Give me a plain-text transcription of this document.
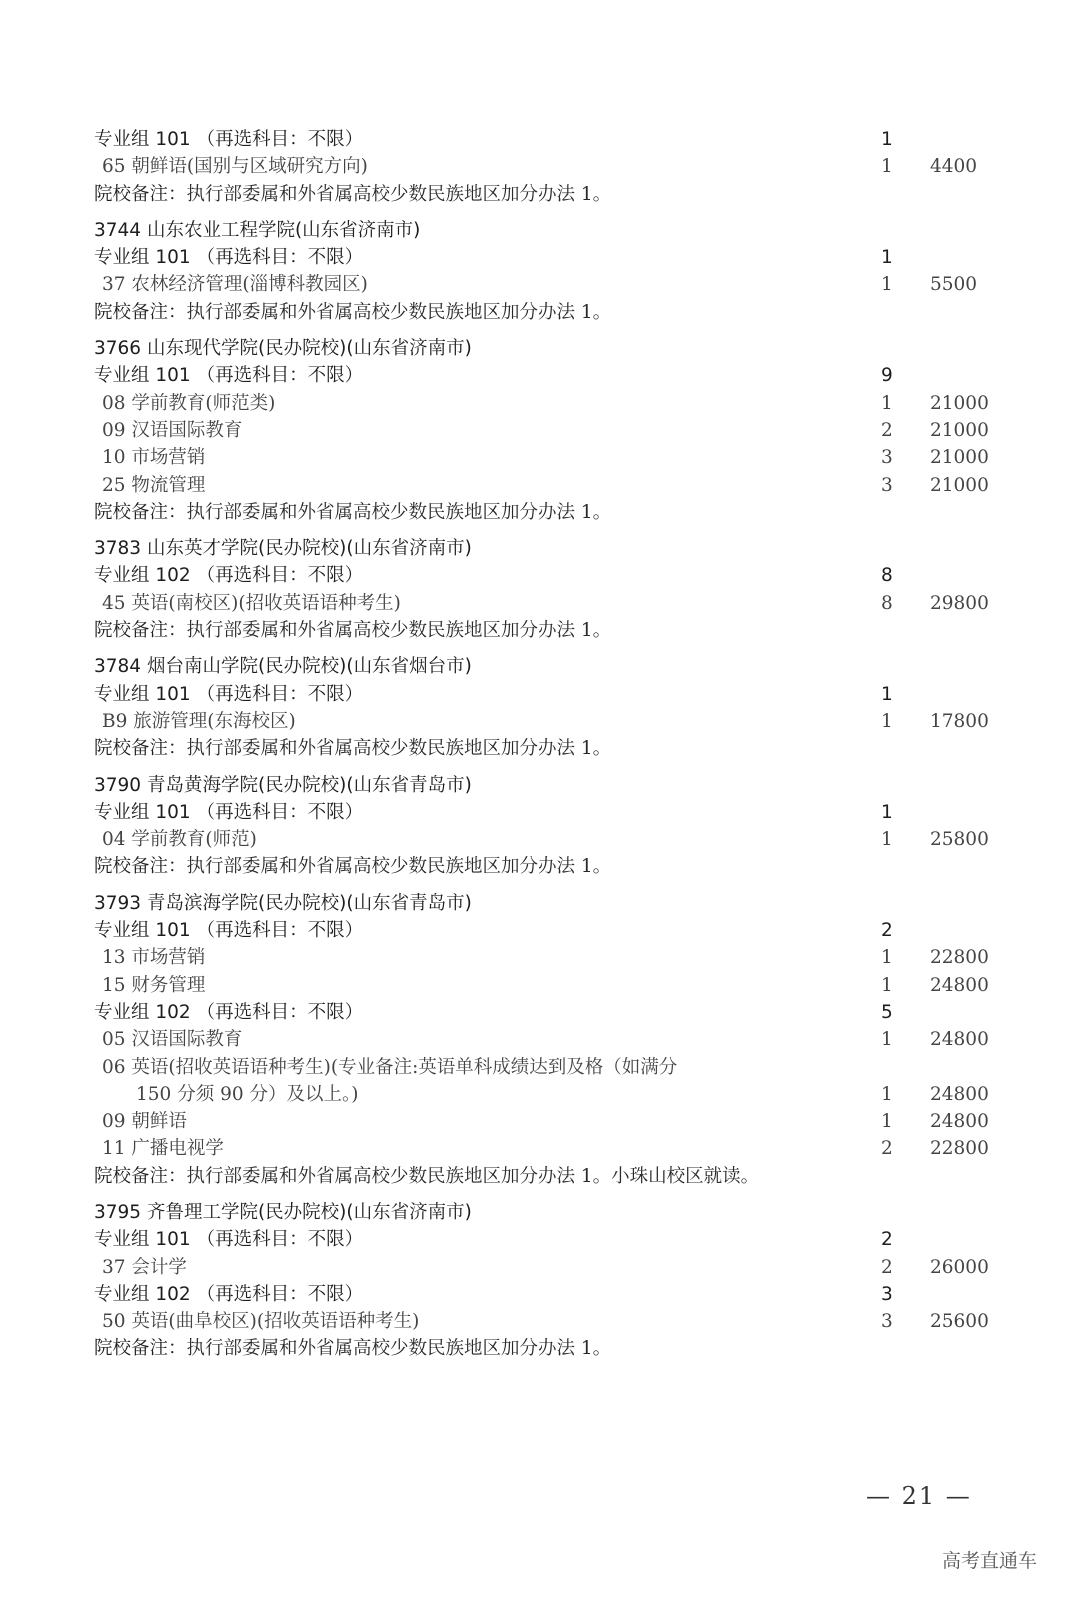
专业组 101 （再选科目：不限）	1
65 朝鲜语(国别与区域研究方向)	1 4400
院校备注：执行部委属和外省属高校少数民族地区加分办法 1。
3744 山东农业工程学院(山东省济南市)
专业组 101 （再选科目：不限）	1
37 农林经济管理(淄博科教园区)	1 5500
院校备注：执行部委属和外省属高校少数民族地区加分办法 1。
3766 山东现代学院(民办院校)(山东省济南市)
专业组 101 （再选科目：不限）	9
08 学前教育(师范类)	1 21000
09 汉语国际教育	2 21000
10 市场营销	3 21000
25 物流管理	3 21000
院校备注：执行部委属和外省属高校少数民族地区加分办法 1。
3783 山东英才学院(民办院校)(山东省济南市)
专业组 102 （再选科目：不限）	8
45 英语(南校区)(招收英语语种考生)	8 29800
院校备注：执行部委属和外省属高校少数民族地区加分办法 1。
3784 烟台南山学院(民办院校)(山东省烟台市)
专业组 101 （再选科目：不限）	1
B9 旅游管理(东海校区)	1 17800
院校备注：执行部委属和外省属高校少数民族地区加分办法 1。
3790 青岛黄海学院(民办院校)(山东省青岛市)
专业组 101 （再选科目：不限）	1
04 学前教育(师范)	1 25800
院校备注：执行部委属和外省属高校少数民族地区加分办法 1。
3793 青岛滨海学院(民办院校)(山东省青岛市)
专业组 101 （再选科目：不限）	2
13 市场营销	1 22800
15 财务管理	1 24800
专业组 102 （再选科目：不限）	5
05 汉语国际教育	1 24800
06 英语(招收英语语种考生)(专业备注:英语单科成绩达到及格（如满分
150 分须 90 分）及以上。)	1 24800
09 朝鲜语	1 24800
11 广播电视学	2 22800
院校备注：执行部委属和外省属高校少数民族地区加分办法 1。小珠山校区就读。
3795 齐鲁理工学院(民办院校)(山东省济南市)
专业组 101 （再选科目：不限）	2
37 会计学	2 26000
专业组 102 （再选科目：不限）	3
50 英语(曲阜校区)(招收英语语种考生)	3 25600
院校备注：执行部委属和外省属高校少数民族地区加分办法 1。
— 21 —
高考直通车
